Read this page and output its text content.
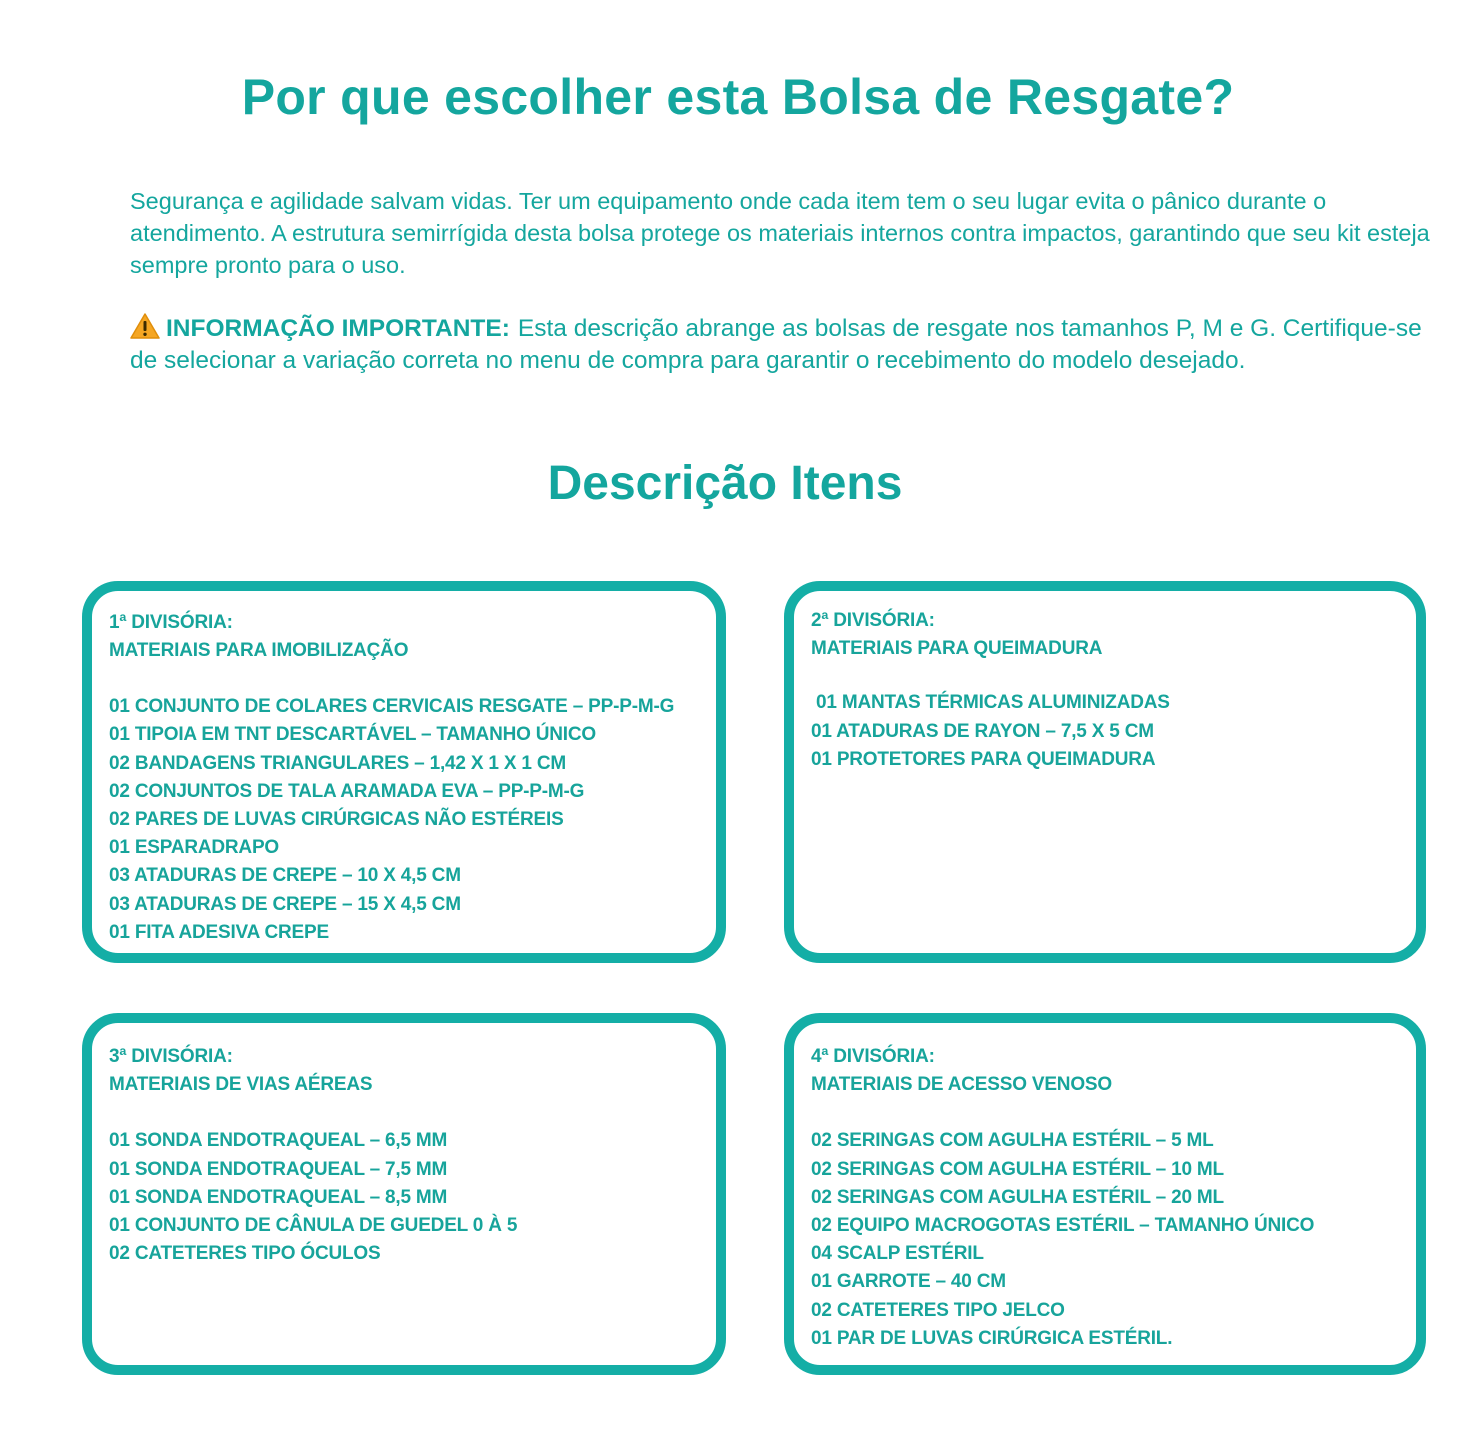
Por que escolher esta Bolsa de Resgate?

Segurança e agilidade salvam vidas. Ter um equipamento onde cada item tem o seu lugar evita o pânico durante o atendimento. A estrutura semirrígida desta bolsa protege os materiais internos contra impactos, garantindo que seu kit esteja sempre pronto para o uso.

INFORMAÇÃO IMPORTANTE: Esta descrição abrange as bolsas de resgate nos tamanhos P, M e G. Certifique-se de selecionar a variação correta no menu de compra para garantir o recebimento do modelo desejado.

Descrição Itens
1ª DIVISÓRIA:
MATERIAIS PARA IMOBILIZAÇÃO
01 CONJUNTO DE COLARES CERVICAIS RESGATE – PP-P-M-G
01 TIPOIA EM TNT DESCARTÁVEL – TAMANHO ÚNICO
02 BANDAGENS TRIANGULARES – 1,42 X 1 X 1 CM
02 CONJUNTOS DE TALA ARAMADA EVA – PP-P-M-G
02 PARES DE LUVAS CIRÚRGICAS NÃO ESTÉREIS
01 ESPARADRAPO
03 ATADURAS DE CREPE – 10 X 4,5 CM
03 ATADURAS DE CREPE – 15 X 4,5 CM
01 FITA ADESIVA CREPE
2ª DIVISÓRIA:
MATERIAIS PARA QUEIMADURA
01 MANTAS TÉRMICAS ALUMINIZADAS
01 ATADURAS DE RAYON – 7,5 X 5 CM
01 PROTETORES PARA QUEIMADURA
3ª DIVISÓRIA:
MATERIAIS DE VIAS AÉREAS
01 SONDA ENDOTRAQUEAL – 6,5 MM
01 SONDA ENDOTRAQUEAL – 7,5 MM
01 SONDA ENDOTRAQUEAL – 8,5 MM
01 CONJUNTO DE CÂNULA DE GUEDEL 0 À 5
02 CATETERES TIPO ÓCULOS
4ª DIVISÓRIA:
MATERIAIS DE ACESSO VENOSO
02 SERINGAS COM AGULHA ESTÉRIL – 5 ML
02 SERINGAS COM AGULHA ESTÉRIL – 10 ML
02 SERINGAS COM AGULHA ESTÉRIL – 20 ML
02 EQUIPO MACROGOTAS ESTÉRIL – TAMANHO ÚNICO
04 SCALP ESTÉRIL
01 GARROTE – 40 CM
02 CATETERES TIPO JELCO
01 PAR DE LUVAS CIRÚRGICA ESTÉRIL.
